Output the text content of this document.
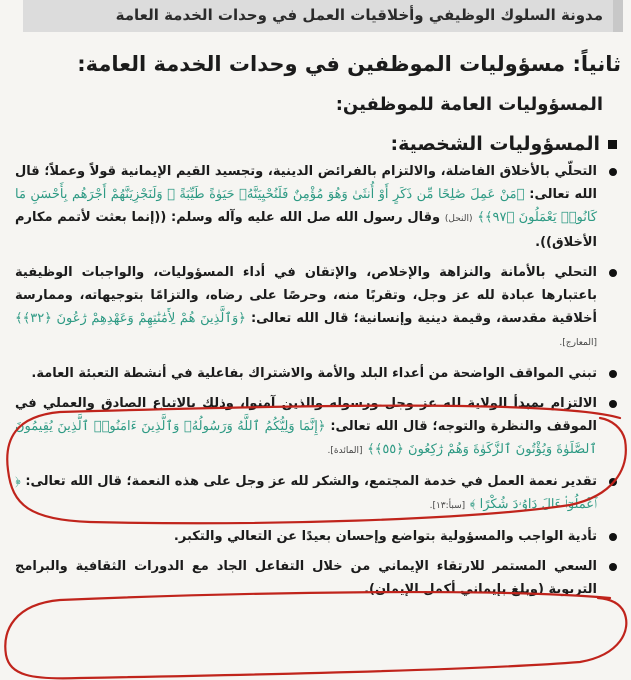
مدونة السلوك الوظيفي وأخلاقيات العمل في وحدات الخدمة العامة
ثانياً: مسؤوليات الموظفين في وحدات الخدمة العامة:
المسؤوليات العامة للموظفين:
المسؤوليات الشخصية:
التحلّي بالأخلاق الفاضلة، والالتزام بالفرائض الدينية، وتجسيد القيم الإيمانية قولاً وعملاً؛ قال الله تعالى: ﴿مَنْ عَمِلَ صَٰلِحًا مِّن ذَكَرٍ أَوْ أُنثَىٰ وَهُوَ مُؤْمِنٌ فَلَنُحْيِيَنَّهُۥ حَيَوٰةً طَيِّبَةً ۖ وَلَنَجْزِيَنَّهُمْ أَجْرَهُم بِأَحْسَنِ مَا كَانُوا۟ يَعْمَلُونَ ﴿٩٧﴾﴾ (النحل) وقال رسول الله صل الله عليه وآله وسلم: ((إنما بعثت لأتمم مكارم الأخلاق)).
التحلي بالأمانة والنزاهة والإخلاص، والإتقان في أداء المسؤوليات، والواجبات الوظيفية باعتبارها عبادة لله عز وجل، وتقربًا منه، وحرصًا على رضاه، والتزامًا بتوجيهاته، وممارسة أخلاقية مقدسة، وقيمة دينية وإنسانية؛ قال الله تعالى: ﴿وَٱلَّذِينَ هُمْ لِأَمَٰنَٰتِهِمْ وَعَهْدِهِمْ رَٰعُونَ ﴿٣٢﴾﴾ [المعارج].
تبني المواقف الواضحة من أعداء البلد والأمة والاشتراك بفاعلية في أنشطة التعبئة العامة.
الالتزام بمبدأ الولاية لله عز وجل ورسوله والذين آمنوا، وذلك بالاتباع الصادق والعملي في الموقف والنظرة والتوجه؛ قال الله تعالى: ﴿إِنَّمَا وَلِيُّكُمُ ٱللَّهُ وَرَسُولُهُۥ وَٱلَّذِينَ ءَامَنُوا۟ ٱلَّذِينَ يُقِيمُونَ ٱلصَّلَوٰةَ وَيُؤْتُونَ ٱلزَّكَوٰةَ وَهُمْ رَٰكِعُونَ ﴿٥٥﴾﴾ [المائدة].
تقدير نعمة العمل في خدمة المجتمع، والشكر لله عز وجل على هذه النعمة؛ قال الله تعالى: ﴿ ٱعْمَلُوٓا۟ ءَالَ دَاوُۥدَ شُكْرًا ﴾ [سبأ:١٣].
تأدية الواجب والمسؤولية بتواضع وإحسان بعيدًا عن التعالي والتكبر.
السعي المستمر للارتقاء الإيماني من خلال التفاعل الجاد مع الدورات الثقافية والبرامج التربوية (وبلغ بإيماني أكمل الإيمان).
